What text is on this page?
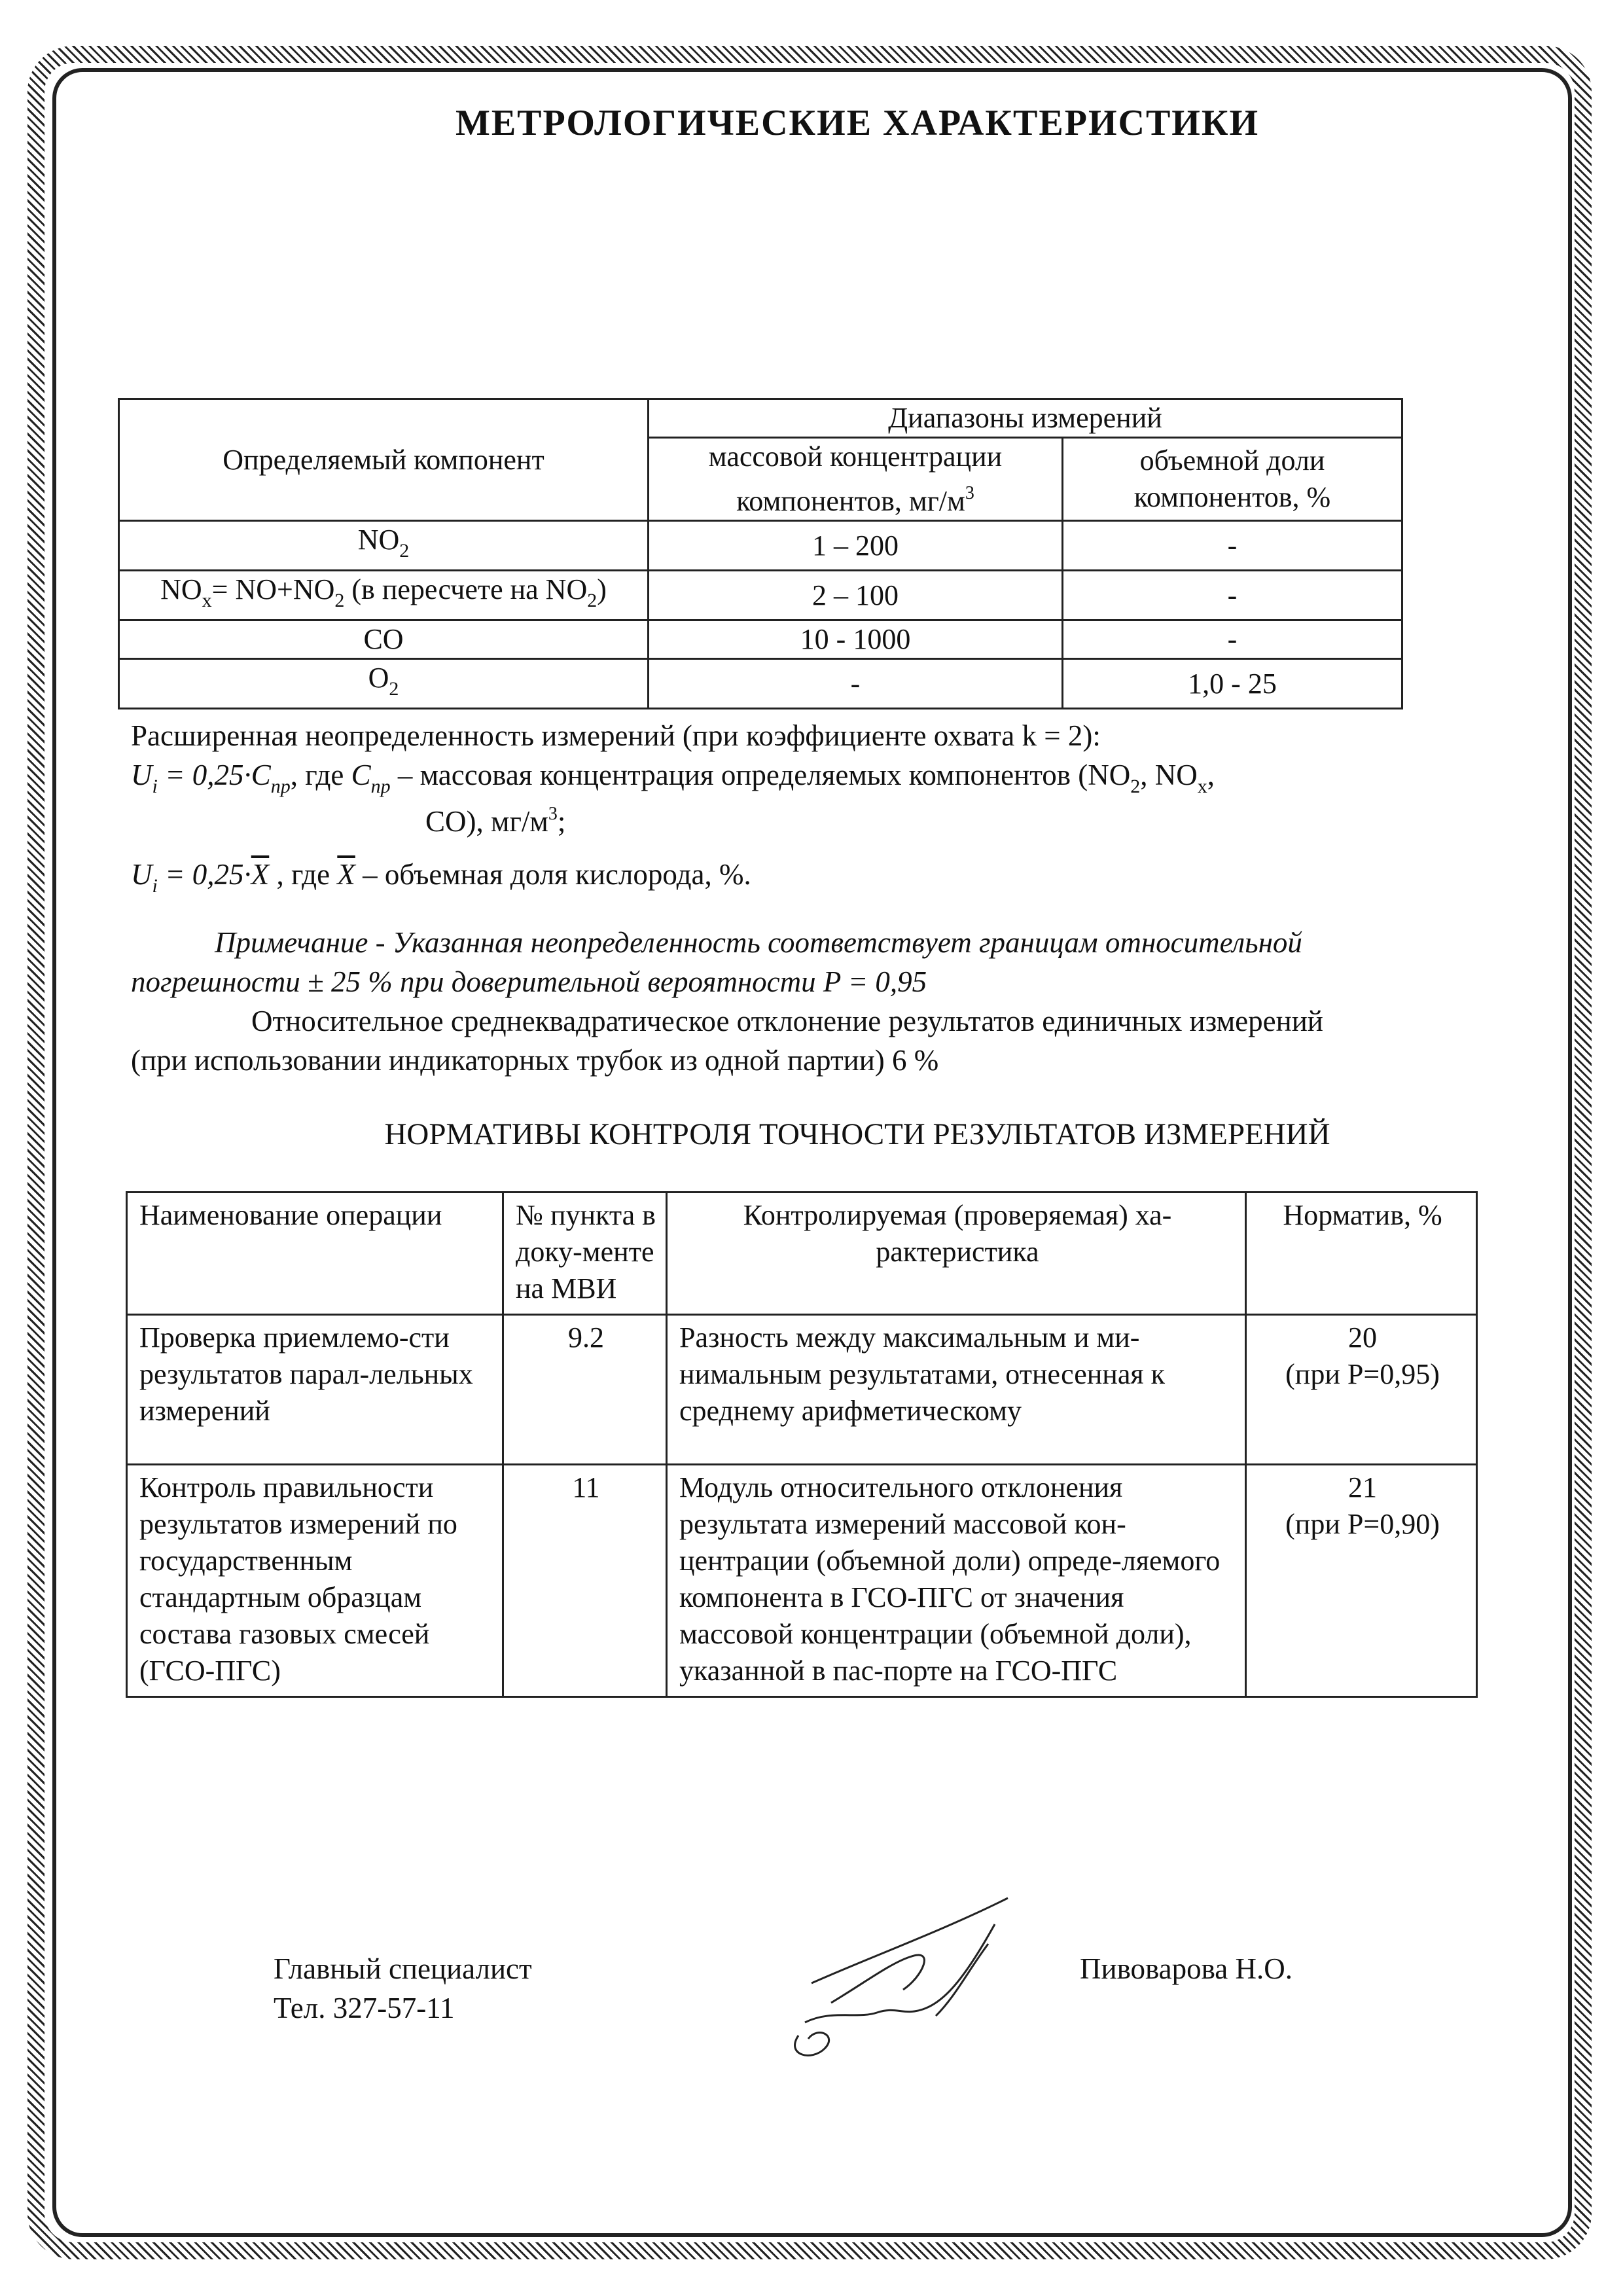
МЕТРОЛОГИЧЕСКИЕ ХАРАКТЕРИСТИКИ
Определяемый компонент	Диапазоны измерений	
	массовой концентрации компонентов, $мг/м^3$	объемной доли компонентов, %
$NO_2$	1 – 200	-
$NO_x= NO+NO_2$ (в пересчете на $NO_2$)	2 – 100	-
CO	10 - 1000	-
$O_2$	-	1,0 - 25
Расширенная неопределенность измерений (при коэффициенте охвата k = 2):
$U_i = 0,25\cdot C_{пр}$, где $C_{пр}$ – массовая концентрация определяемых компонентов ($NO_2$, $NO_x$,
CO), $мг/м^3$;
$U_i = 0,25\cdot\overline{X}$ , где $\overline{X}$ – объемная доля кислорода, %.
Примечание - Указанная неопределенность соответствует границам относительной
погрешности ± 25 % при доверительной вероятности P = 0,95
Относительное среднеквадратическое отклонение результатов единичных измерений
(при использовании индикаторных трубок из одной партии) 6 %
НОРМАТИВЫ КОНТРОЛЯ ТОЧНОСТИ РЕЗУЛЬТАТОВ ИЗМЕРЕНИЙ
Наименование операции	№ пункта в доку-менте на МВИ	Контролируемая (проверяемая) ха-рактеристика	Норматив, %
Проверка приемлемо-сти результатов парал-лельных измерений	9.2	Разность между максимальным и ми-нимальным результатами, отнесенная к среднему арифметическому	20
(при P=0,95)

Контроль правильности результатов измерений по государственным стандартным образцам состава газовых смесей (ГСО-ПГС)	11	Модуль относительного отклонения результата измерений массовой кон-центрации (объемной доли) опреде-ляемого компонента в ГСО-ПГС от значения массовой концентрации (объемной доли), указанной в пас-порте на ГСО-ПГС	21
(при P=0,90)
Главный специалист
Тел. 327-57-11
Пивоварова Н.О.
